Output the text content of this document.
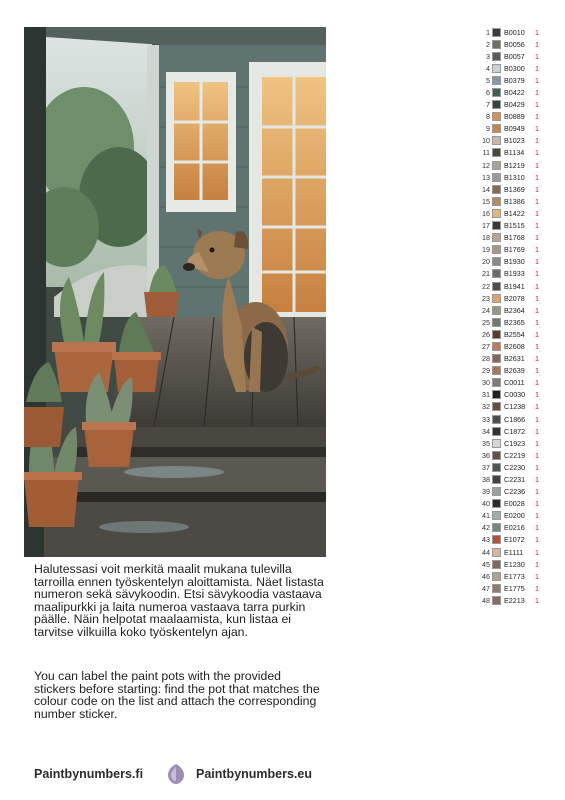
Halutessasi voit merkitä maalit mukana tulevilla tarroilla ennen työskentelyn aloittamista. Näet listasta numeron sekä sävykoodin. Etsi sävykoodia vastaava maalipurkki ja laita numeroa vastaava tarra purkin päälle. Näin helpotat maalaamista, kun listaa ei tarvitse vilkuilla koko työskentelyn ajan.
You can label the paint pots with the provided stickers before starting: find the pot that matches the colour code on the list and attach the corresponding number sticker.
Paintbynumbers.fi	Paintbynumbers.eu
1 B0010	1
2 B0056	1
3 B0057	1
4 B0300	1
5 B0379	1
6 B0422	1
7 B0429	1
8 B0889	1
9 B0949	1
10 B1023	1
11 B1134	1
12 B1219	1
13 B1310	1
14 B1369	1
15 B1386	1
16 B1422	1
17 B1515	1
18 B1768	1
19 B1769	1
20 B1930	1
21 B1933	1
22 B1941	1
23 B2078	1
24 B2364	1
25 B2365	1
26 B2554	1
27 B2608	1
28 B2631	1
29 B2639	1
30 C0011	1
31 C0030	1
32 C1238	1
33 C1866	1
34 C1872	1
35 C1923	1
36 C2219	1
37 C2230	1
38 C2231	1
39 C2236	1
40 E0028	1
41 E0200	1
42 E0216	1
43 E1072	1
44 E1111	1
45 E1230	1
46 E1773	1
47 E1775	1
48 E2213	1
